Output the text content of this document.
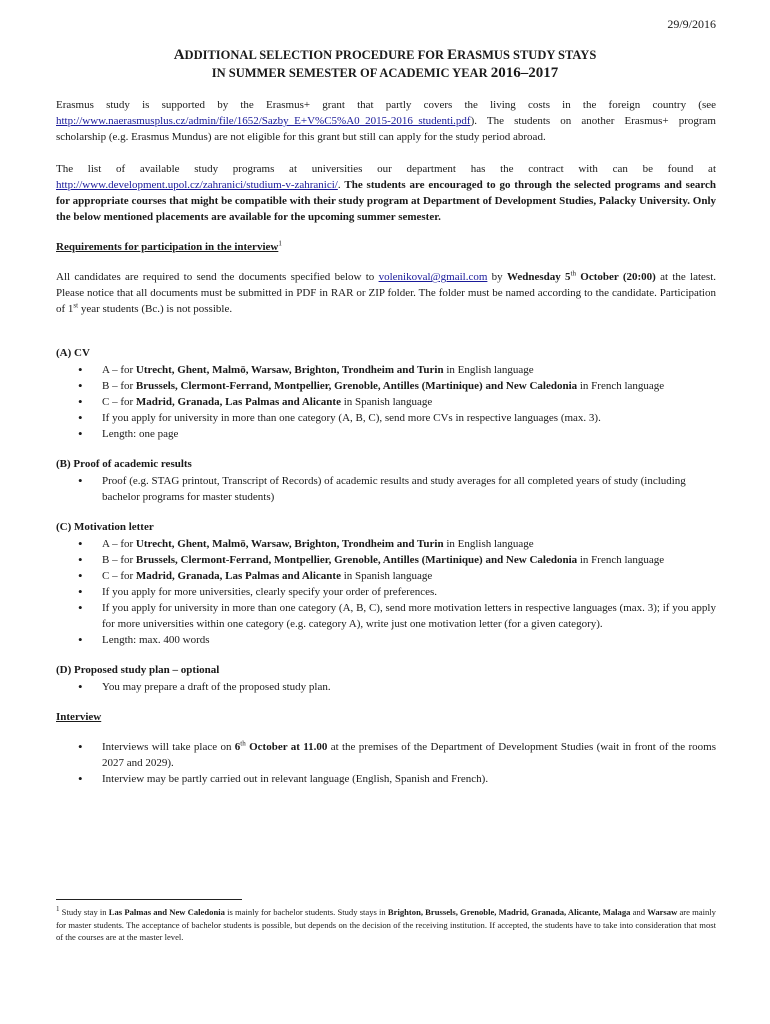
29/9/2016
ADDITIONAL SELECTION PROCEDURE FOR ERASMUS STUDY STAYS
IN SUMMER SEMESTER OF ACADEMIC YEAR 2016–2017

Erasmus study is supported by the Erasmus+ grant that partly covers the living costs in the foreign country (see http://www.naerasmusplus.cz/admin/file/1652/Sazby_E+V%C5%A0_2015-2016_studenti.pdf). The students on another Erasmus+ program scholarship (e.g. Erasmus Mundus) are not eligible for this grant but still can apply for the study period abroad.

The list of available study programs at universities our department has the contract with can be found at http://www.development.upol.cz/zahranici/studium-v-zahranici/. The students are encouraged to go through the selected programs and search for appropriate courses that might be compatible with their study program at Department of Development Studies, Palacky University. Only the below mentioned placements are available for the upcoming summer semester.

Requirements for participation in the interview$^1$

All candidates are required to send the documents specified below to volenikoval@gmail.com by Wednesday 5th October (20:00) at the latest. Please notice that all documents must be submitted in PDF in RAR or ZIP folder. The folder must be named according to the candidate. Participation of 1st year students (Bc.) is not possible.

(A) CV
• A – for Utrecht, Ghent, Malmö, Warsaw, Brighton, Trondheim and Turin in English language
• B – for Brussels, Clermont-Ferrand, Montpellier, Grenoble, Antilles (Martinique) and New Caledonia in French language
• C – for Madrid, Granada, Las Palmas and Alicante in Spanish language
• If you apply for university in more than one category (A, B, C), send more CVs in respective languages (max. 3).
• Length: one page
(B) Proof of academic results
• Proof (e.g. STAG printout, Transcript of Records) of academic results and study averages for all completed years of study (including bachelor programs for master students)
(C) Motivation letter
• A – for Utrecht, Ghent, Malmö, Warsaw, Brighton, Trondheim and Turin in English language
• B – for Brussels, Clermont-Ferrand, Montpellier, Grenoble, Antilles (Martinique) and New Caledonia in French language
• C – for Madrid, Granada, Las Palmas and Alicante in Spanish language
• If you apply for more universities, clearly specify your order of preferences.
• If you apply for university in more than one category (A, B, C), send more motivation letters in respective languages (max. 3); if you apply for more universities within one category (e.g. category A), write just one motivation letter (for a given category).
• Length: max. 400 words
(D) Proposed study plan – optional
• You may prepare a draft of the proposed study plan.

Interview

• Interviews will take place on 6th October at 11.00 at the premises of the Department of Development Studies (wait in front of the rooms 2027 and 2029).
• Interview may be partly carried out in relevant language (English, Spanish and French).
$^1$ Study stay in Las Palmas and New Caledonia is mainly for bachelor students. Study stays in Brighton, Brussels, Grenoble, Madrid, Granada, Alicante, Malaga and Warsaw are mainly for master students. The acceptance of bachelor students is possible, but depends on the decision of the receiving institution. If accepted, the students have to take into consideration that most of the courses are at the master level.
